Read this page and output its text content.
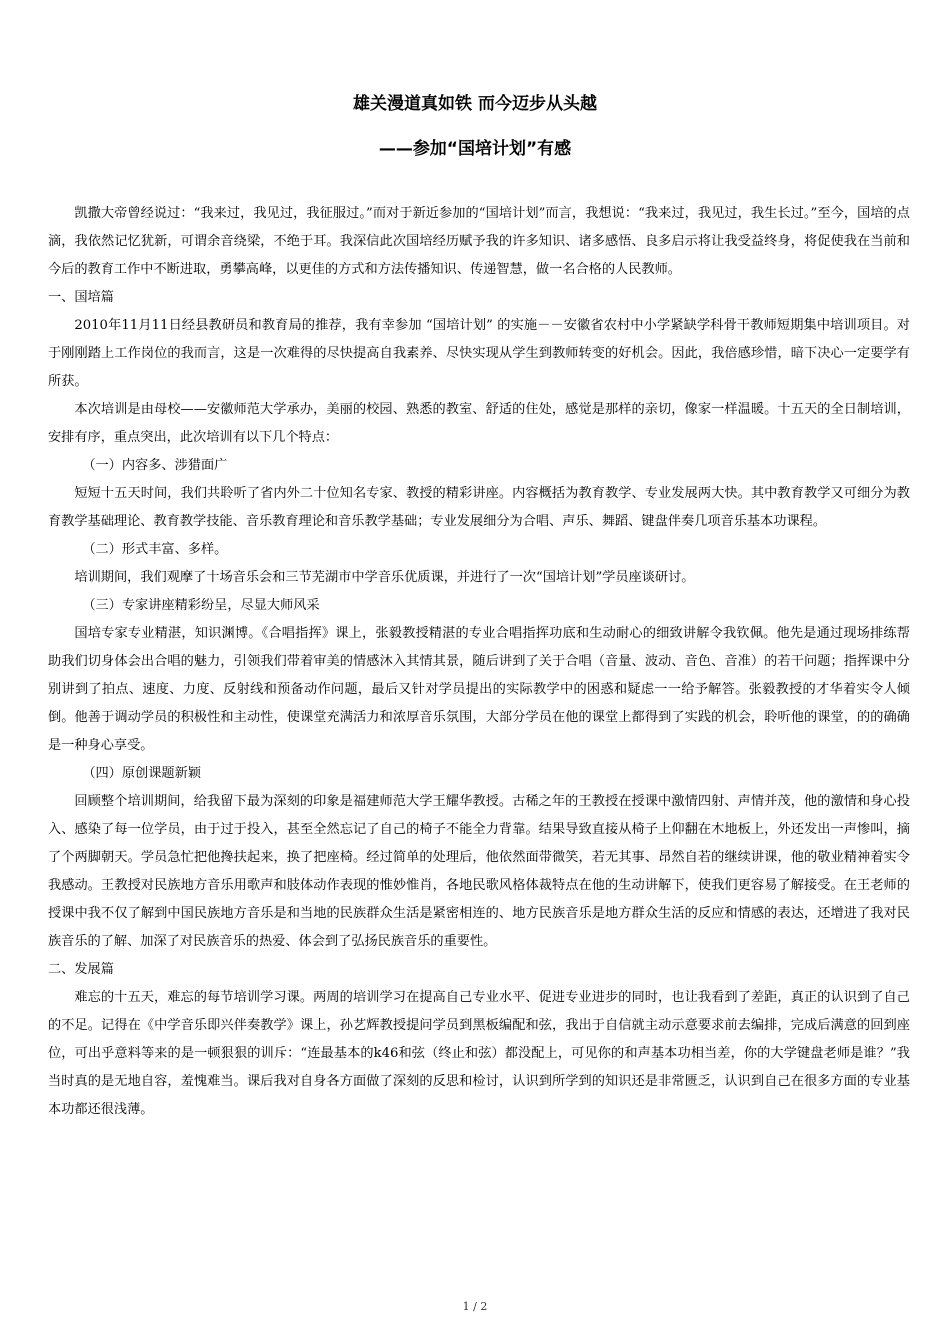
雄关漫道真如铁 而今迈步从头越
——参加“国培计划”有感

凯撒大帝曾经说过：“我来过，我见过，我征服过。”而对于新近参加的“国培计划”而言，我想说：“我来过，我见过，我生长过。”至今，国培的点滴，我依然记忆犹新，可谓余音绕梁，不绝于耳。我深信此次国培经历赋予我的许多知识、诸多感悟、良多启示将让我受益终身，将促使我在当前和今后的教育工作中不断进取，勇攀高峰，以更佳的方式和方法传播知识、传递智慧，做一名合格的人民教师。

一、国培篇

2010年11月11日经县教研员和教育局的推荐，我有幸参加 “国培计划” 的实施－－安徽省农村中小学紧缺学科骨干教师短期集中培训项目。对于刚刚踏上工作岗位的我而言，这是一次难得的尽快提高自我素养、尽快实现从学生到教师转变的好机会。因此，我倍感珍惜，暗下决心一定要学有所获。

本次培训是由母校——安徽师范大学承办，美丽的校园、熟悉的教室、舒适的住处，感觉是那样的亲切，像家一样温暖。十五天的全日制培训，安排有序，重点突出，此次培训有以下几个特点：

（一）内容多、涉猎面广

短短十五天时间，我们共聆听了省内外二十位知名专家、教授的精彩讲座。内容概括为教育教学、专业发展两大快。其中教育教学又可细分为教育教学基础理论、教育教学技能、音乐教育理论和音乐教学基础；专业发展细分为合唱、声乐、舞蹈、键盘伴奏几项音乐基本功课程。

（二）形式丰富、多样。

培训期间，我们观摩了十场音乐会和三节芜湖市中学音乐优质课，并进行了一次“国培计划”学员座谈研讨。

（三）专家讲座精彩纷呈，尽显大师风采

国培专家专业精湛，知识渊博。《合唱指挥》课上，张毅教授精湛的专业合唱指挥功底和生动耐心的细致讲解令我钦佩。他先是通过现场排练帮助我们切身体会出合唱的魅力，引领我们带着审美的情感沐入其情其景，随后讲到了关于合唱（音量、波动、音色、音准）的若干问题；指挥课中分别讲到了拍点、速度、力度、反射线和预备动作问题，最后又针对学员提出的实际教学中的困惑和疑虑一一给予解答。张毅教授的才华着实令人倾倒。他善于调动学员的积极性和主动性，使课堂充满活力和浓厚音乐氛围，大部分学员在他的课堂上都得到了实践的机会，聆听他的课堂，的的确确是一种身心享受。

（四）原创课题新颖

回顾整个培训期间，给我留下最为深刻的印象是福建师范大学王耀华教授。古稀之年的王教授在授课中激情四射、声情并茂，他的激情和身心投入、感染了每一位学员，由于过于投入，甚至全然忘记了自己的椅子不能全力背靠。结果导致直接从椅子上仰翻在木地板上，外还发出一声惨叫，摘了个两脚朝天。学员急忙把他搀扶起来，换了把座椅。经过简单的处理后，他依然面带微笑，若无其事、昂然自若的继续讲课，他的敬业精神着实令我感动。王教授对民族地方音乐用歌声和肢体动作表现的惟妙惟肖，各地民歌风格体裁特点在他的生动讲解下，使我们更容易了解接受。在王老师的授课中我不仅了解到中国民族地方音乐是和当地的民族群众生活是紧密相连的、地方民族音乐是地方群众生活的反应和情感的表达，还增进了我对民族音乐的了解、加深了对民族音乐的热爱、体会到了弘扬民族音乐的重要性。

二、发展篇

难忘的十五天，难忘的每节培训学习课。两周的培训学习在提高自己专业水平、促进专业进步的同时，也让我看到了差距，真正的认识到了自己的不足。记得在《中学音乐即兴伴奏教学》课上，孙艺辉教授提问学员到黑板编配和弦，我出于自信就主动示意要求前去编排，完成后满意的回到座位，可出乎意料等来的是一顿狠狠的训斥：“连最基本的k46和弦（终止和弦）都没配上，可见你的和声基本功相当差，你的大学键盘老师是谁？”我当时真的是无地自容，羞愧难当。课后我对自身各方面做了深刻的反思和检讨，认识到所学到的知识还是非常匮乏，认识到自己在很多方面的专业基本功都还很浅薄。

1 / 2
